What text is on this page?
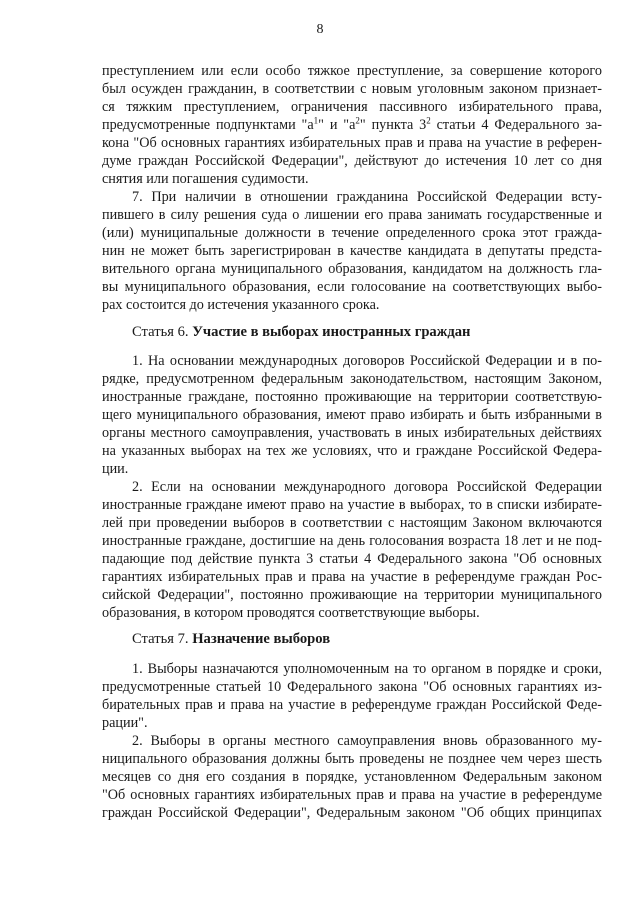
8
преступлением или если особо тяжкое преступление, за совершение которого
был осужден гражданин, в соответствии с новым уголовным законом признает-
ся тяжким преступлением, ограничения пассивного избирательного права,
предусмотренные подпунктами "$а^1$" и "$а^2$" пункта $3^2$ статьи 4 Федерального за-
кона "Об основных гарантиях избирательных прав и права на участие в референ-
думе граждан Российской Федерации", действуют до истечения 10 лет со дня
снятия или погашения судимости.
7. При наличии в отношении гражданина Российской Федерации всту-
пившего в силу решения суда о лишении его права занимать государственные и
(или) муниципальные должности в течение определенного срока этот гражда-
нин не может быть зарегистрирован в качестве кандидата в депутаты предста-
вительного органа муниципального образования, кандидатом на должность гла-
вы муниципального образования, если голосование на соответствующих выбо-
рах состоится до истечения указанного срока.
Статья 6. Участие в выборах иностранных граждан
1. На основании международных договоров Российской Федерации и в по-
рядке, предусмотренном федеральным законодательством, настоящим Законом,
иностранные граждане, постоянно проживающие на территории соответствую-
щего муниципального образования, имеют право избирать и быть избранными в
органы местного самоуправления, участвовать в иных избирательных действиях
на указанных выборах на тех же условиях, что и граждане Российской Федера-
ции.
2. Если на основании международного договора Российской Федерации
иностранные граждане имеют право на участие в выборах, то в списки избирате-
лей при проведении выборов в соответствии с настоящим Законом включаются
иностранные граждане, достигшие на день голосования возраста 18 лет и не под-
падающие под действие пункта 3 статьи 4 Федерального закона "Об основных
гарантиях избирательных прав и права на участие в референдуме граждан Рос-
сийской Федерации", постоянно проживающие на территории муниципального
образования, в котором проводятся соответствующие выборы.
Статья 7. Назначение выборов
1. Выборы назначаются уполномоченным на то органом в порядке и сроки,
предусмотренные статьей 10 Федерального закона "Об основных гарантиях из-
бирательных прав и права на участие в референдуме граждан Российской Феде-
рации".
2. Выборы в органы местного самоуправления вновь образованного му-
ниципального образования должны быть проведены не позднее чем через шесть
месяцев со дня его создания в порядке, установленном Федеральным законом
"Об основных гарантиях избирательных прав и права на участие в референдуме
граждан Российской Федерации", Федеральным законом "Об общих принципах
